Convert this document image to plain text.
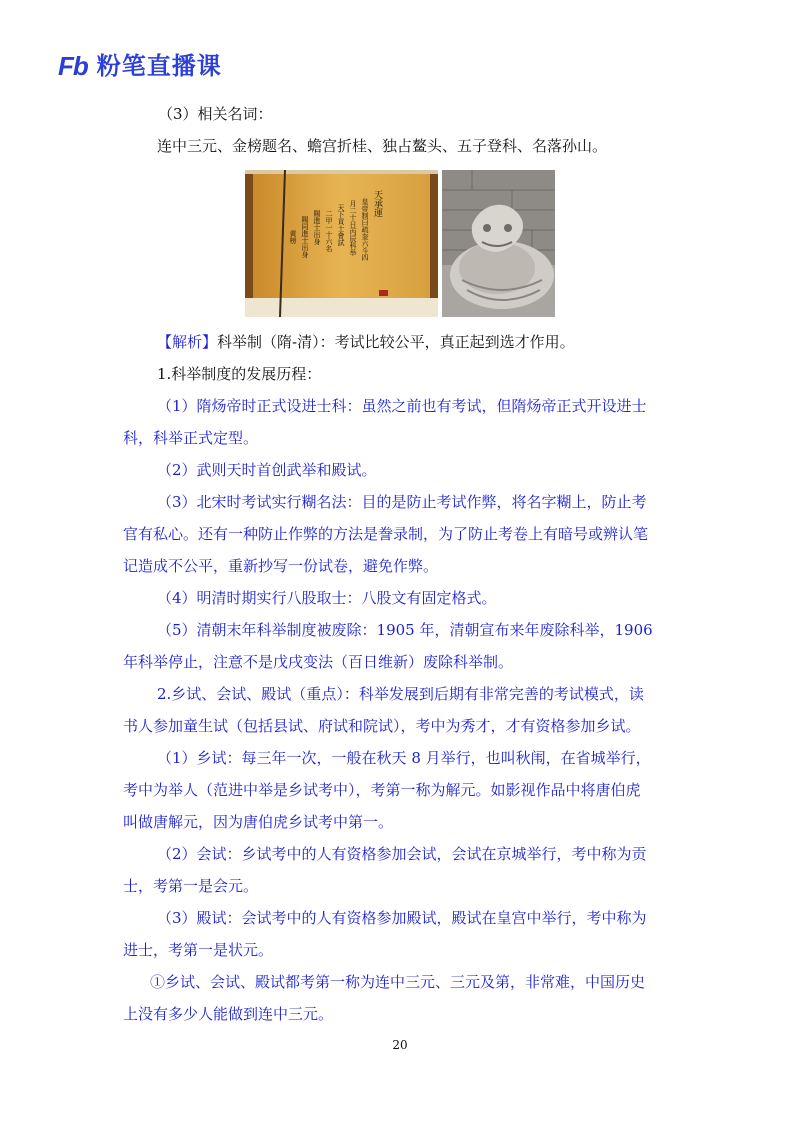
Fb 粉笔直播课
（3）相关名词：
连中三元、金榜题名、蟾宫折桂、独占鳌头、五子登科、名落孙山。
天承運
皇帝制曰疏奎六斗四
月二十日丙辰科举
天下貢士會試
二甲一十六名
賜進士出身
賜同進士出身
黄榜
【解析】科举制（隋-清）：考试比较公平，真正起到选才作用。
1.科举制度的发展历程：
（1）隋炀帝时正式设进士科：虽然之前也有考试，但隋炀帝正式开设进士
科，科举正式定型。
（2）武则天时首创武举和殿试。
（3）北宋时考试实行糊名法：目的是防止考试作弊，将名字糊上，防止考
官有私心。还有一种防止作弊的方法是誊录制，为了防止考卷上有暗号或辨认笔
记造成不公平，重新抄写一份试卷，避免作弊。
（4）明清时期实行八股取士：八股文有固定格式。
（5）清朝末年科举制度被废除：1905 年，清朝宣布来年废除科举，1906
年科举停止，注意不是戊戌变法（百日维新）废除科举制。
2.乡试、会试、殿试（重点）：科举发展到后期有非常完善的考试模式，读
书人参加童生试（包括县试、府试和院试），考中为秀才，才有资格参加乡试。
（1）乡试：每三年一次，一般在秋天 8 月举行，也叫秋闱，在省城举行，
考中为举人（范进中举是乡试考中），考第一称为解元。如影视作品中将唐伯虎
叫做唐解元，因为唐伯虎乡试考中第一。
（2）会试：乡试考中的人有资格参加会试，会试在京城举行，考中称为贡
士，考第一是会元。
（3）殿试：会试考中的人有资格参加殿试，殿试在皇宫中举行，考中称为
进士，考第一是状元。
①乡试、会试、殿试都考第一称为连中三元、三元及第，非常难，中国历史
上没有多少人能做到连中三元。
20
